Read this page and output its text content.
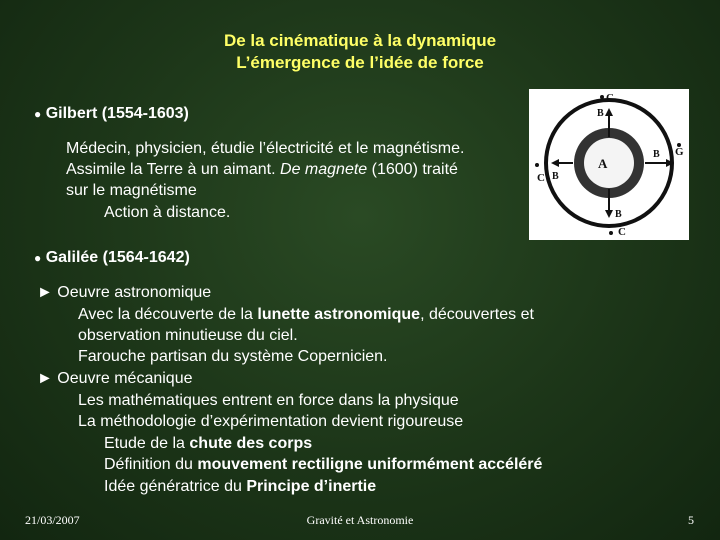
De la cinématique à la dynamique
L’émergence de l’idée de force
● Gilbert (1554-1603)
Médecin, physicien, étudie l’électricité et le magnétisme.
Assimile la Terre à un aimant. De magnete (1600) traité
sur le magnétisme
Action à distance.
C
B
B G
C B
B
C
A
● Galilée (1564-1642)
► Oeuvre astronomique
Avec la découverte de la lunette astronomique, découvertes et
observation minutieuse du ciel.
Farouche partisan du système Copernicien.
► Oeuvre mécanique
Les mathématiques entrent en force dans la physique
La méthodologie d’expérimentation devient rigoureuse
Etude de la chute des corps
Définition du mouvement rectiligne uniformément accéléré
Idée génératrice du Principe d’inertie
21/03/2007	Gravité et Astronomie	5
